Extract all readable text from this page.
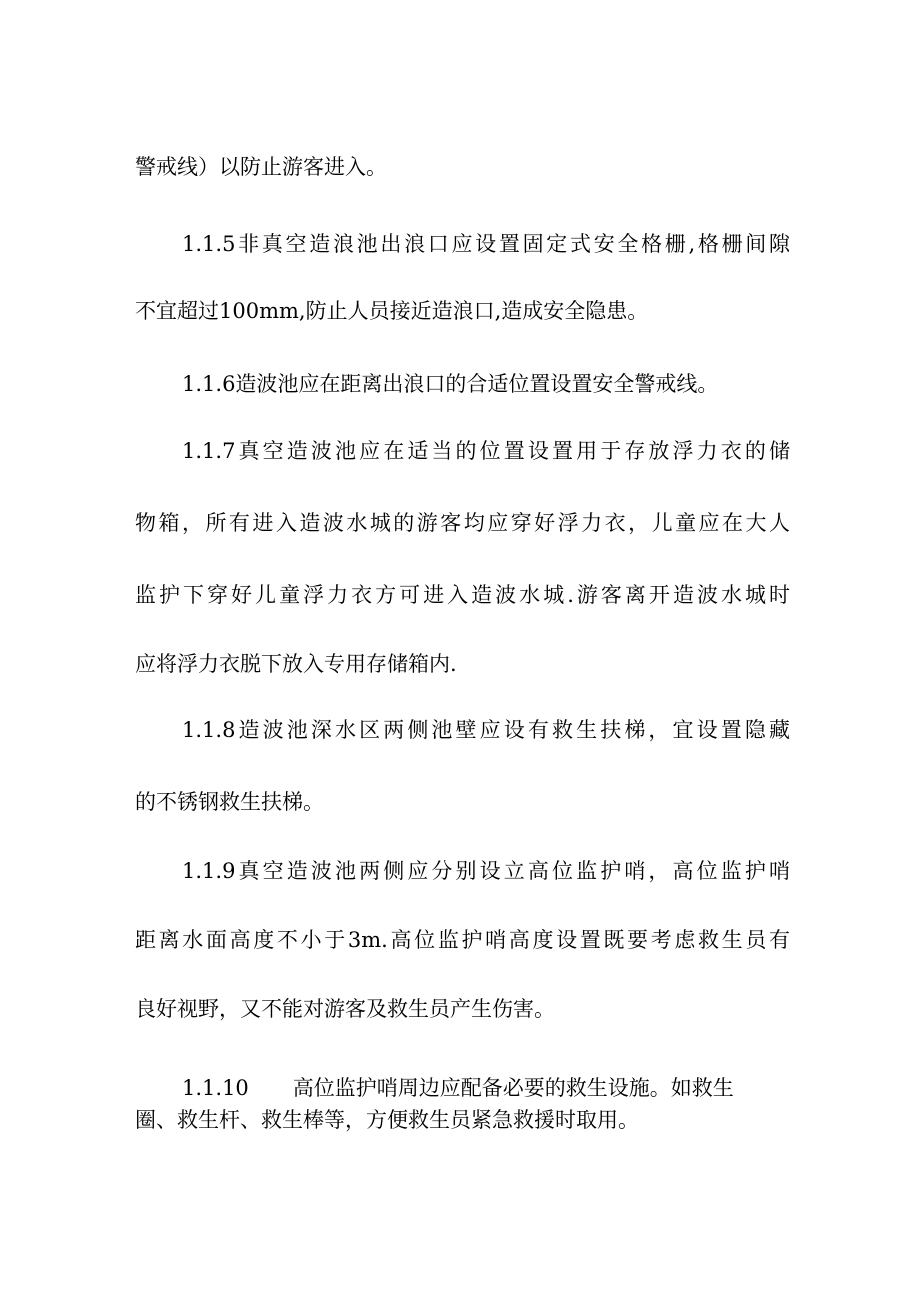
警戒线）以防止游客进入。
1.1.5非真空造浪池出浪口应设置固定式安全格栅,格栅间隙
不宜超过100mm,防止人员接近造浪口,造成安全隐患。
1.1.6造波池应在距离出浪口的合适位置设置安全警戒线。
1.1.7真空造波池应在适当的位置设置用于存放浮力衣的储
物箱，所有进入造波水城的游客均应穿好浮力衣，儿童应在大人
监护下穿好儿童浮力衣方可进入造波水城.游客离开造波水城时
应将浮力衣脱下放入专用存储箱内.
1.1.8造波池深水区两侧池壁应设有救生扶梯，宜设置隐藏
的不锈钢救生扶梯。
1.1.9真空造波池两侧应分别设立高位监护哨，高位监护哨
距离水面高度不小于3m.高位监护哨高度设置既要考虑救生员有
良好视野，又不能对游客及救生员产生伤害。
1.1.10 高位监护哨周边应配备必要的救生设施。如救生
圈、救生杆、救生棒等，方便救生员紧急救援时取用。
